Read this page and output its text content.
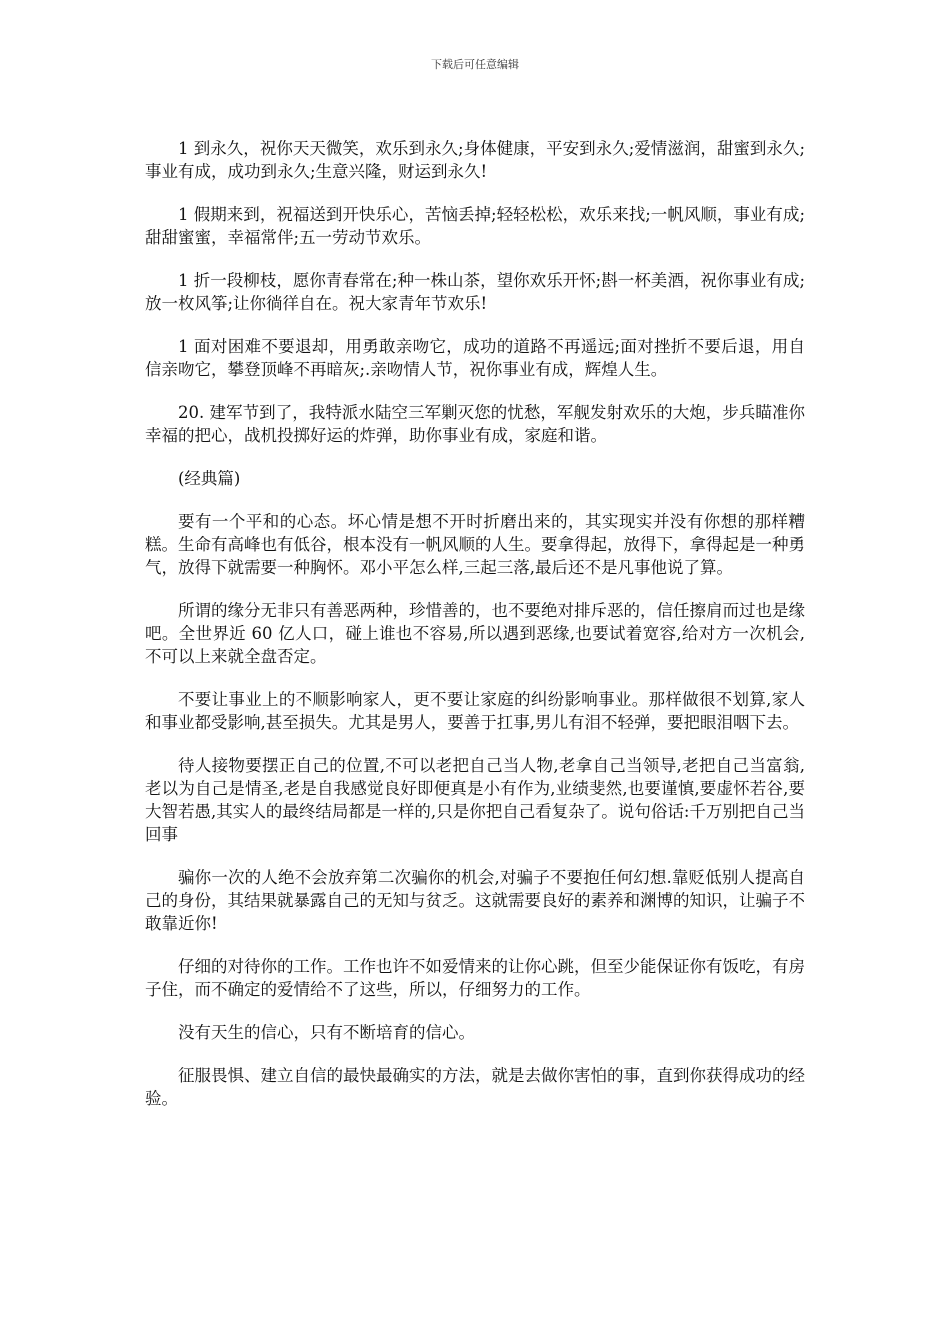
下载后可任意编辑

1 到永久，祝你天天微笑，欢乐到永久;身体健康，平安到永久;爱情滋润，甜蜜到永久;事业有成，成功到永久;生意兴隆，财运到永久!

1 假期来到，祝福送到开快乐心，苦恼丢掉;轻轻松松，欢乐来找;一帆风顺，事业有成;甜甜蜜蜜，幸福常伴;五一劳动节欢乐。

1 折一段柳枝，愿你青春常在;种一株山茶，望你欢乐开怀;斟一杯美酒，祝你事业有成;放一枚风筝;让你徜徉自在。祝大家青年节欢乐!

1 面对困难不要退却，用勇敢亲吻它，成功的道路不再遥远;面对挫折不要后退，用自信亲吻它，攀登顶峰不再暗灰;.亲吻情人节，祝你事业有成，辉煌人生。

20. 建军节到了，我特派水陆空三军剿灭您的忧愁，军舰发射欢乐的大炮，步兵瞄准你幸福的把心，战机投掷好运的炸弹，助你事业有成，家庭和谐。

(经典篇)

要有一个平和的心态。坏心情是想不开时折磨出来的，其实现实并没有你想的那样糟糕。生命有高峰也有低谷，根本没有一帆风顺的人生。要拿得起，放得下，拿得起是一种勇气，放得下就需要一种胸怀。邓小平怎么样,三起三落,最后还不是凡事他说了算。

所谓的缘分无非只有善恶两种，珍惜善的，也不要绝对排斥恶的，信任擦肩而过也是缘吧。全世界近 60 亿人口，碰上谁也不容易,所以遇到恶缘,也要试着宽容,给对方一次机会,不可以上来就全盘否定。

不要让事业上的不顺影响家人，更不要让家庭的纠纷影响事业。那样做很不划算,家人和事业都受影响,甚至损失。尤其是男人，要善于扛事,男儿有泪不轻弹，要把眼泪咽下去。

待人接物要摆正自己的位置,不可以老把自己当人物,老拿自己当领导,老把自己当富翁,老以为自己是情圣,老是自我感觉良好即便真是小有作为,业绩斐然,也要谨慎,要虚怀若谷,要大智若愚,其实人的最终结局都是一样的,只是你把自己看复杂了。说句俗话:千万别把自己当回事

骗你一次的人绝不会放弃第二次骗你的机会,对骗子不要抱任何幻想.靠贬低别人提高自己的身份，其结果就暴露自己的无知与贫乏。这就需要良好的素养和渊博的知识，让骗子不敢靠近你!

仔细的对待你的工作。工作也许不如爱情来的让你心跳，但至少能保证你有饭吃，有房子住，而不确定的爱情给不了这些，所以，仔细努力的工作。

没有天生的信心，只有不断培育的信心。

征服畏惧、建立自信的最快最确实的方法，就是去做你害怕的事，直到你获得成功的经验。
